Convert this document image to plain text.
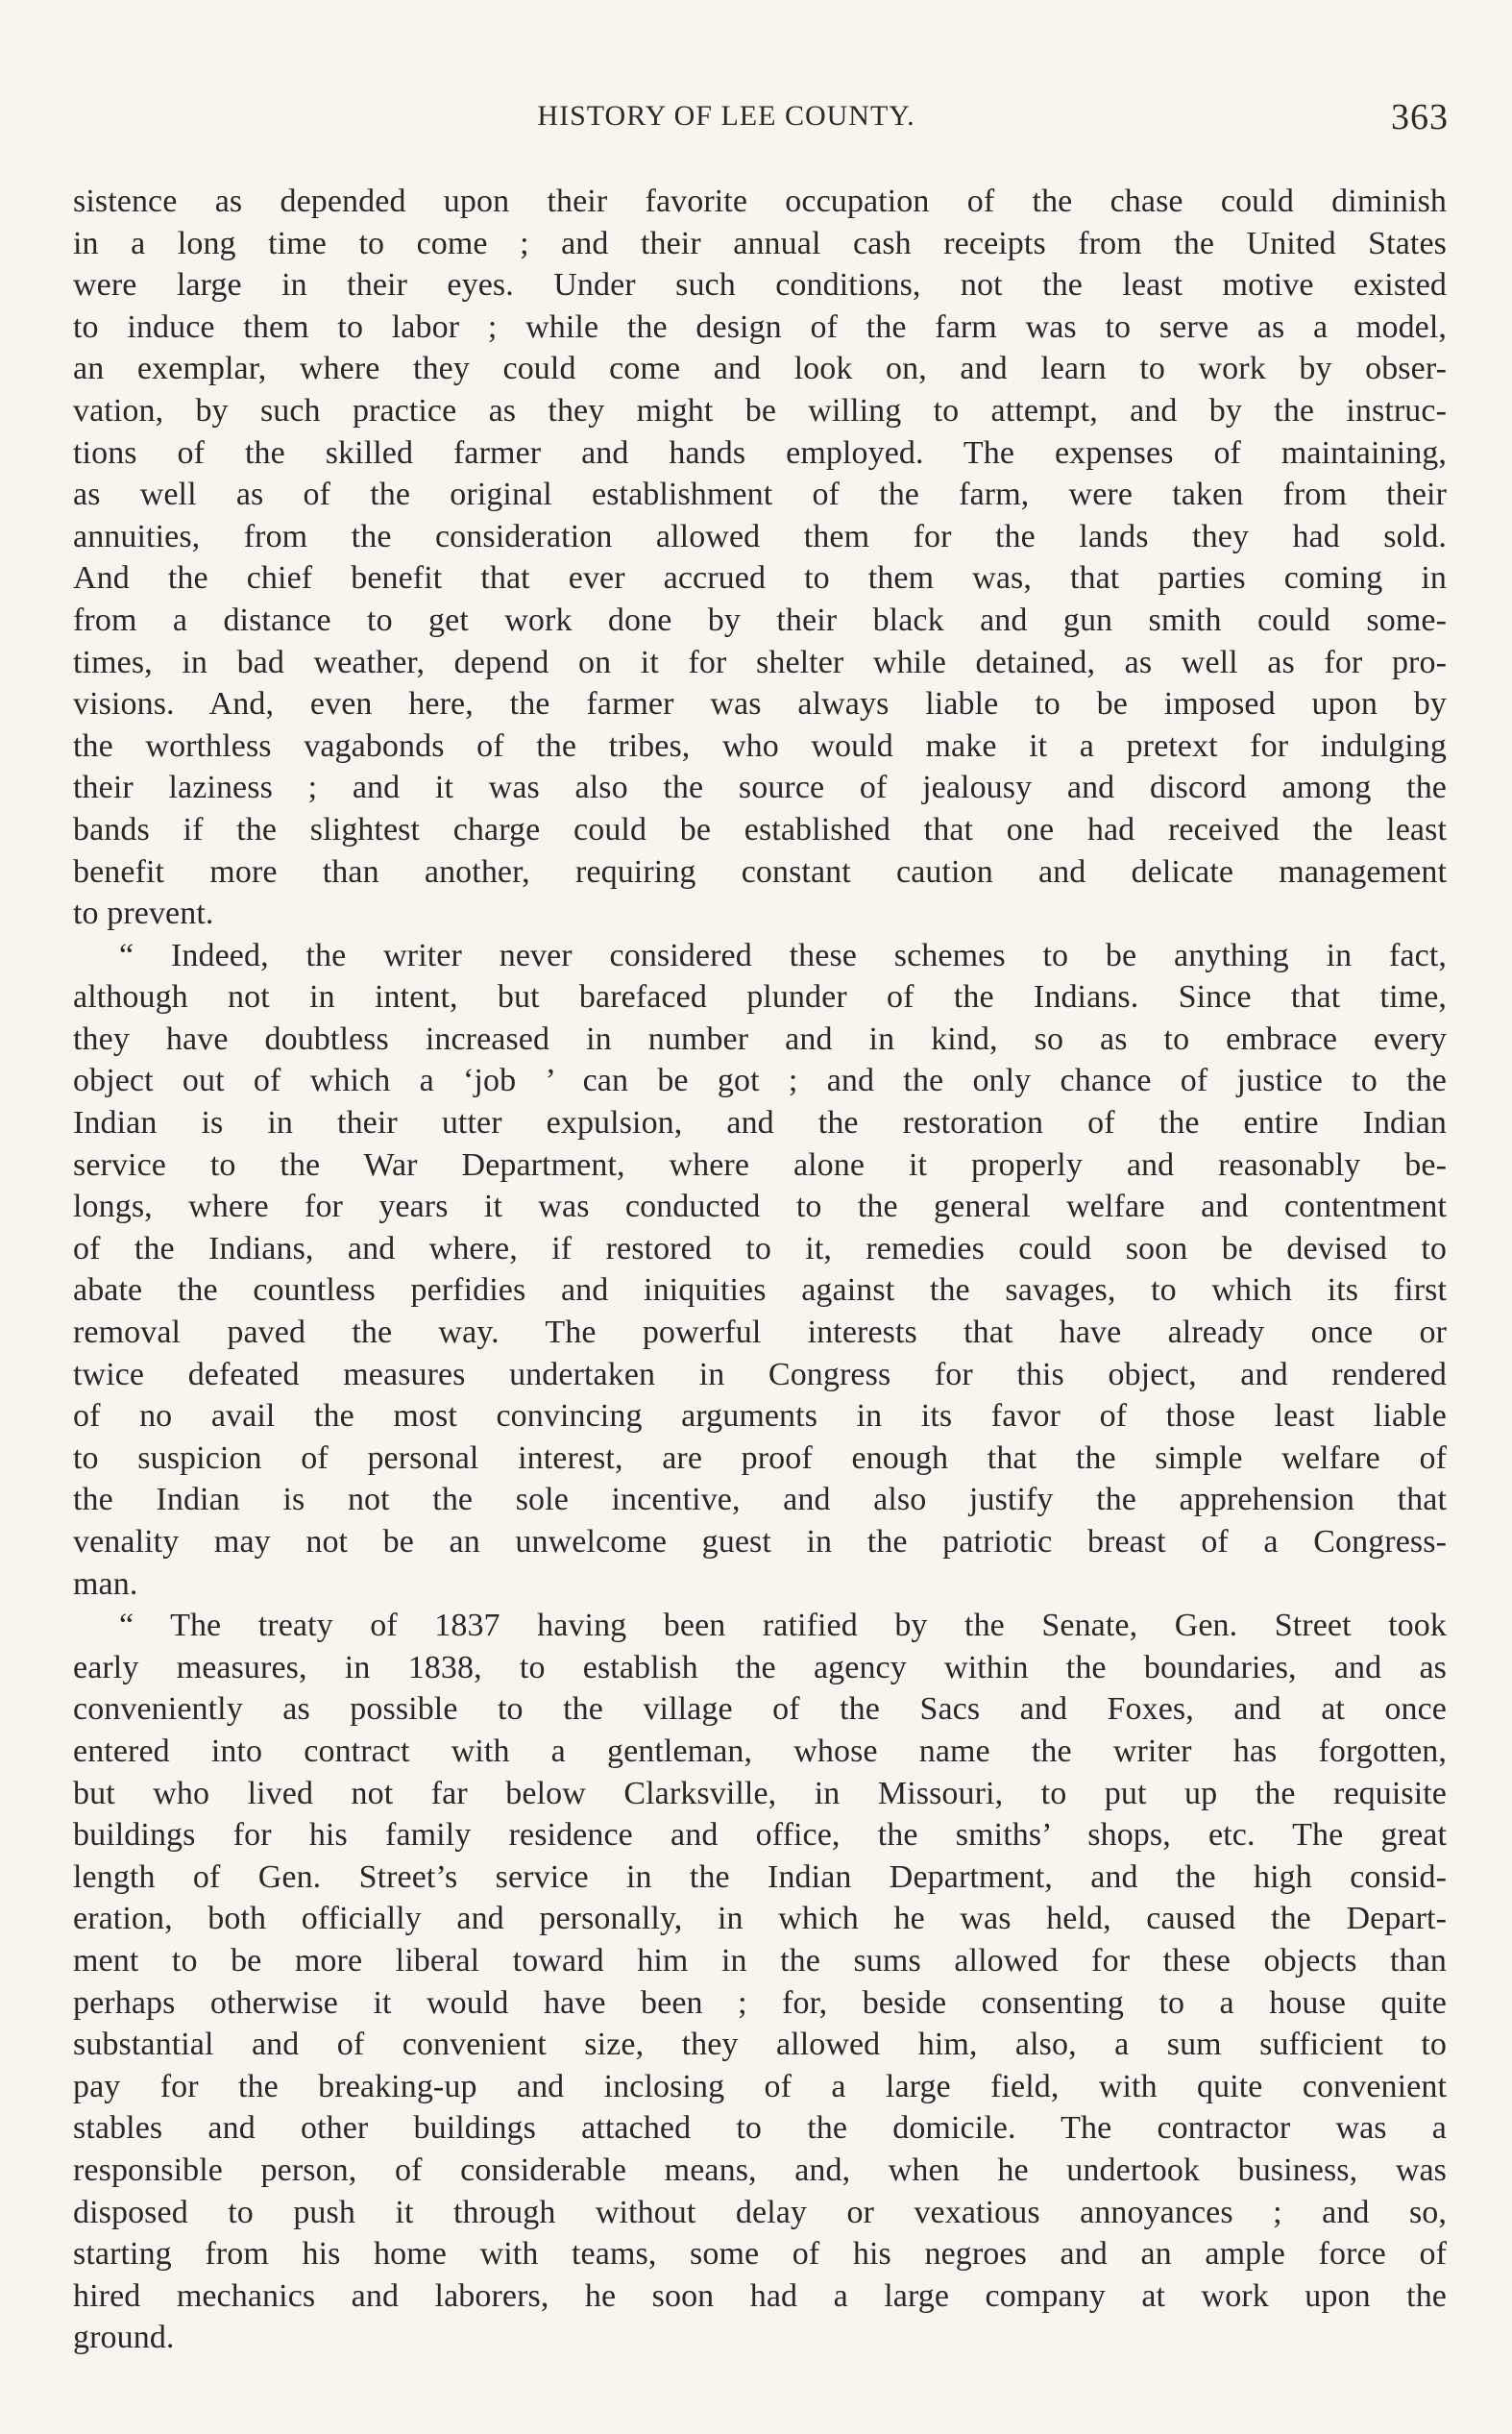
HISTORY OF LEE COUNTY.	363
sistence as depended upon their favorite occupation of the chase could diminish
in a long time to come ; and their annual cash receipts from the United States
were large in their eyes. Under such conditions, not the least motive existed
to induce them to labor ; while the design of the farm was to serve as a model,
an exemplar, where they could come and look on, and learn to work by obser-
vation, by such practice as they might be willing to attempt, and by the instruc-
tions of the skilled farmer and hands employed. The expenses of maintaining,
as well as of the original establishment of the farm, were taken from their
annuities, from the consideration allowed them for the lands they had sold.
And the chief benefit that ever accrued to them was, that parties coming in
from a distance to get work done by their black and gun smith could some-
times, in bad weather, depend on it for shelter while detained, as well as for pro-
visions. And, even here, the farmer was always liable to be imposed upon by
the worthless vagabonds of the tribes, who would make it a pretext for indulging
their laziness ; and it was also the source of jealousy and discord among the
bands if the slightest charge could be established that one had received the least
benefit more than another, requiring constant caution and delicate management
to prevent.
“ Indeed, the writer never considered these schemes to be anything in fact,
although not in intent, but barefaced plunder of the Indians. Since that time,
they have doubtless increased in number and in kind, so as to embrace every
object out of which a ‘job ’ can be got ; and the only chance of justice to the
Indian is in their utter expulsion, and the restoration of the entire Indian
service to the War Department, where alone it properly and reasonably be-
longs, where for years it was conducted to the general welfare and contentment
of the Indians, and where, if restored to it, remedies could soon be devised to
abate the countless perfidies and iniquities against the savages, to which its first
removal paved the way. The powerful interests that have already once or
twice defeated measures undertaken in Congress for this object, and rendered
of no avail the most convincing arguments in its favor of those least liable
to suspicion of personal interest, are proof enough that the simple welfare of
the Indian is not the sole incentive, and also justify the apprehension that
venality may not be an unwelcome guest in the patriotic breast of a Congress-
man.
“ The treaty of 1837 having been ratified by the Senate, Gen. Street took
early measures, in 1838, to establish the agency within the boundaries, and as
conveniently as possible to the village of the Sacs and Foxes, and at once
entered into contract with a gentleman, whose name the writer has forgotten,
but who lived not far below Clarksville, in Missouri, to put up the requisite
buildings for his family residence and office, the smiths’ shops, etc. The great
length of Gen. Street’s service in the Indian Department, and the high consid-
eration, both officially and personally, in which he was held, caused the Depart-
ment to be more liberal toward him in the sums allowed for these objects than
perhaps otherwise it would have been ; for, beside consenting to a house quite
substantial and of convenient size, they allowed him, also, a sum sufficient to
pay for the breaking-up and inclosing of a large field, with quite convenient
stables and other buildings attached to the domicile. The contractor was a
responsible person, of considerable means, and, when he undertook business, was
disposed to push it through without delay or vexatious annoyances ; and so,
starting from his home with teams, some of his negroes and an ample force of
hired mechanics and laborers, he soon had a large company at work upon the
ground.
